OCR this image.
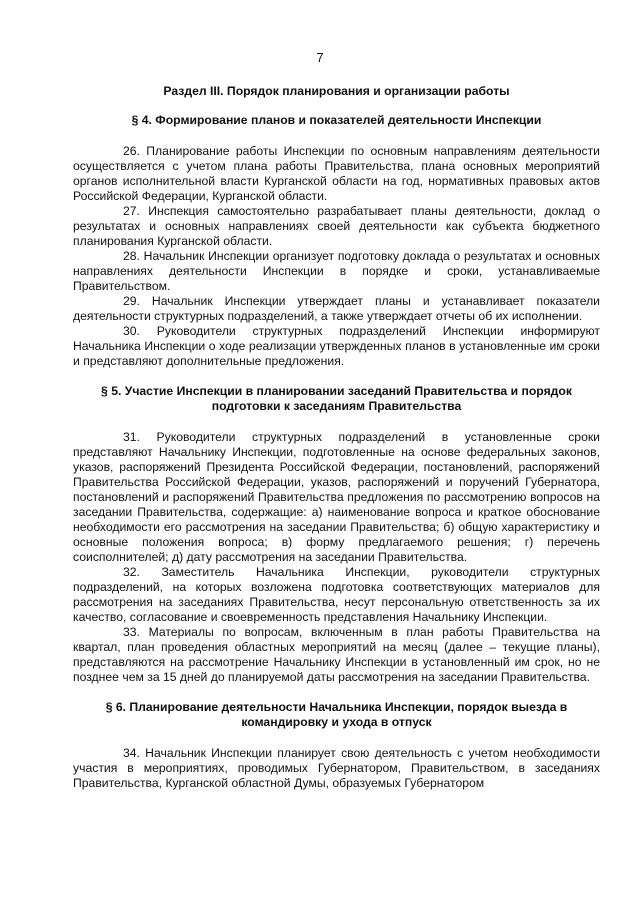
7
Раздел III. Порядок планирования и организации работы
§ 4. Формирование планов и показателей деятельности Инспекции

26. Планирование работы Инспекции по основным направлениям деятельности осуществляется с учетом плана работы Правительства, плана основных мероприятий органов исполнительной власти Курганской области на год, нормативных правовых актов Российской Федерации, Курганской области.

27. Инспекция самостоятельно разрабатывает планы деятельности, доклад о результатах и основных направлениях своей деятельности как субъекта бюджетного планирования Курганской области.

28. Начальник Инспекции организует подготовку доклада о результатах и основных направлениях деятельности Инспекции в порядке и сроки, устанавливаемые Правительством.

29. Начальник Инспекции утверждает планы и устанавливает показатели деятельности структурных подразделений, а также утверждает отчеты об их исполнении.

30. Руководители структурных подразделений Инспекции информируют Начальника Инспекции о ходе реализации утвержденных планов в установленные им сроки и представляют дополнительные предложения.

§ 5. Участие Инспекции в планировании заседаний Правительства и порядок подготовки к заседаниям Правительства

31. Руководители структурных подразделений в установленные сроки представляют Начальнику Инспекции, подготовленные на основе федеральных законов, указов, распоряжений Президента Российской Федерации, постановлений, распоряжений Правительства Российской Федерации, указов, распоряжений и поручений Губернатора, постановлений и распоряжений Правительства предложения по рассмотрению вопросов на заседании Правительства, содержащие: а) наименование вопроса и краткое обоснование необходимости его рассмотрения на заседании Правительства; б) общую характеристику и основные положения вопроса; в) форму предлагаемого решения; г) перечень соисполнителей; д) дату рассмотрения на заседании Правительства.

32. Заместитель Начальника Инспекции, руководители структурных подразделений, на которых возложена подготовка соответствующих материалов для рассмотрения на заседаниях Правительства, несут персональную ответственность за их качество, согласование и своевременность представления Начальнику Инспекции.

33. Материалы по вопросам, включенным в план работы Правительства на квартал, план проведения областных мероприятий на месяц (далее – текущие планы), представляются на рассмотрение Начальнику Инспекции в установленный им срок, но не позднее чем за 15 дней до планируемой даты рассмотрения на заседании Правительства.

§ 6. Планирование деятельности Начальника Инспекции, порядок выезда в командировку и ухода в отпуск

34. Начальник Инспекции планирует свою деятельность с учетом необходимости участия в мероприятиях, проводимых Губернатором, Правительством, в заседаниях Правительства, Курганской областной Думы, образуемых Губернатором
